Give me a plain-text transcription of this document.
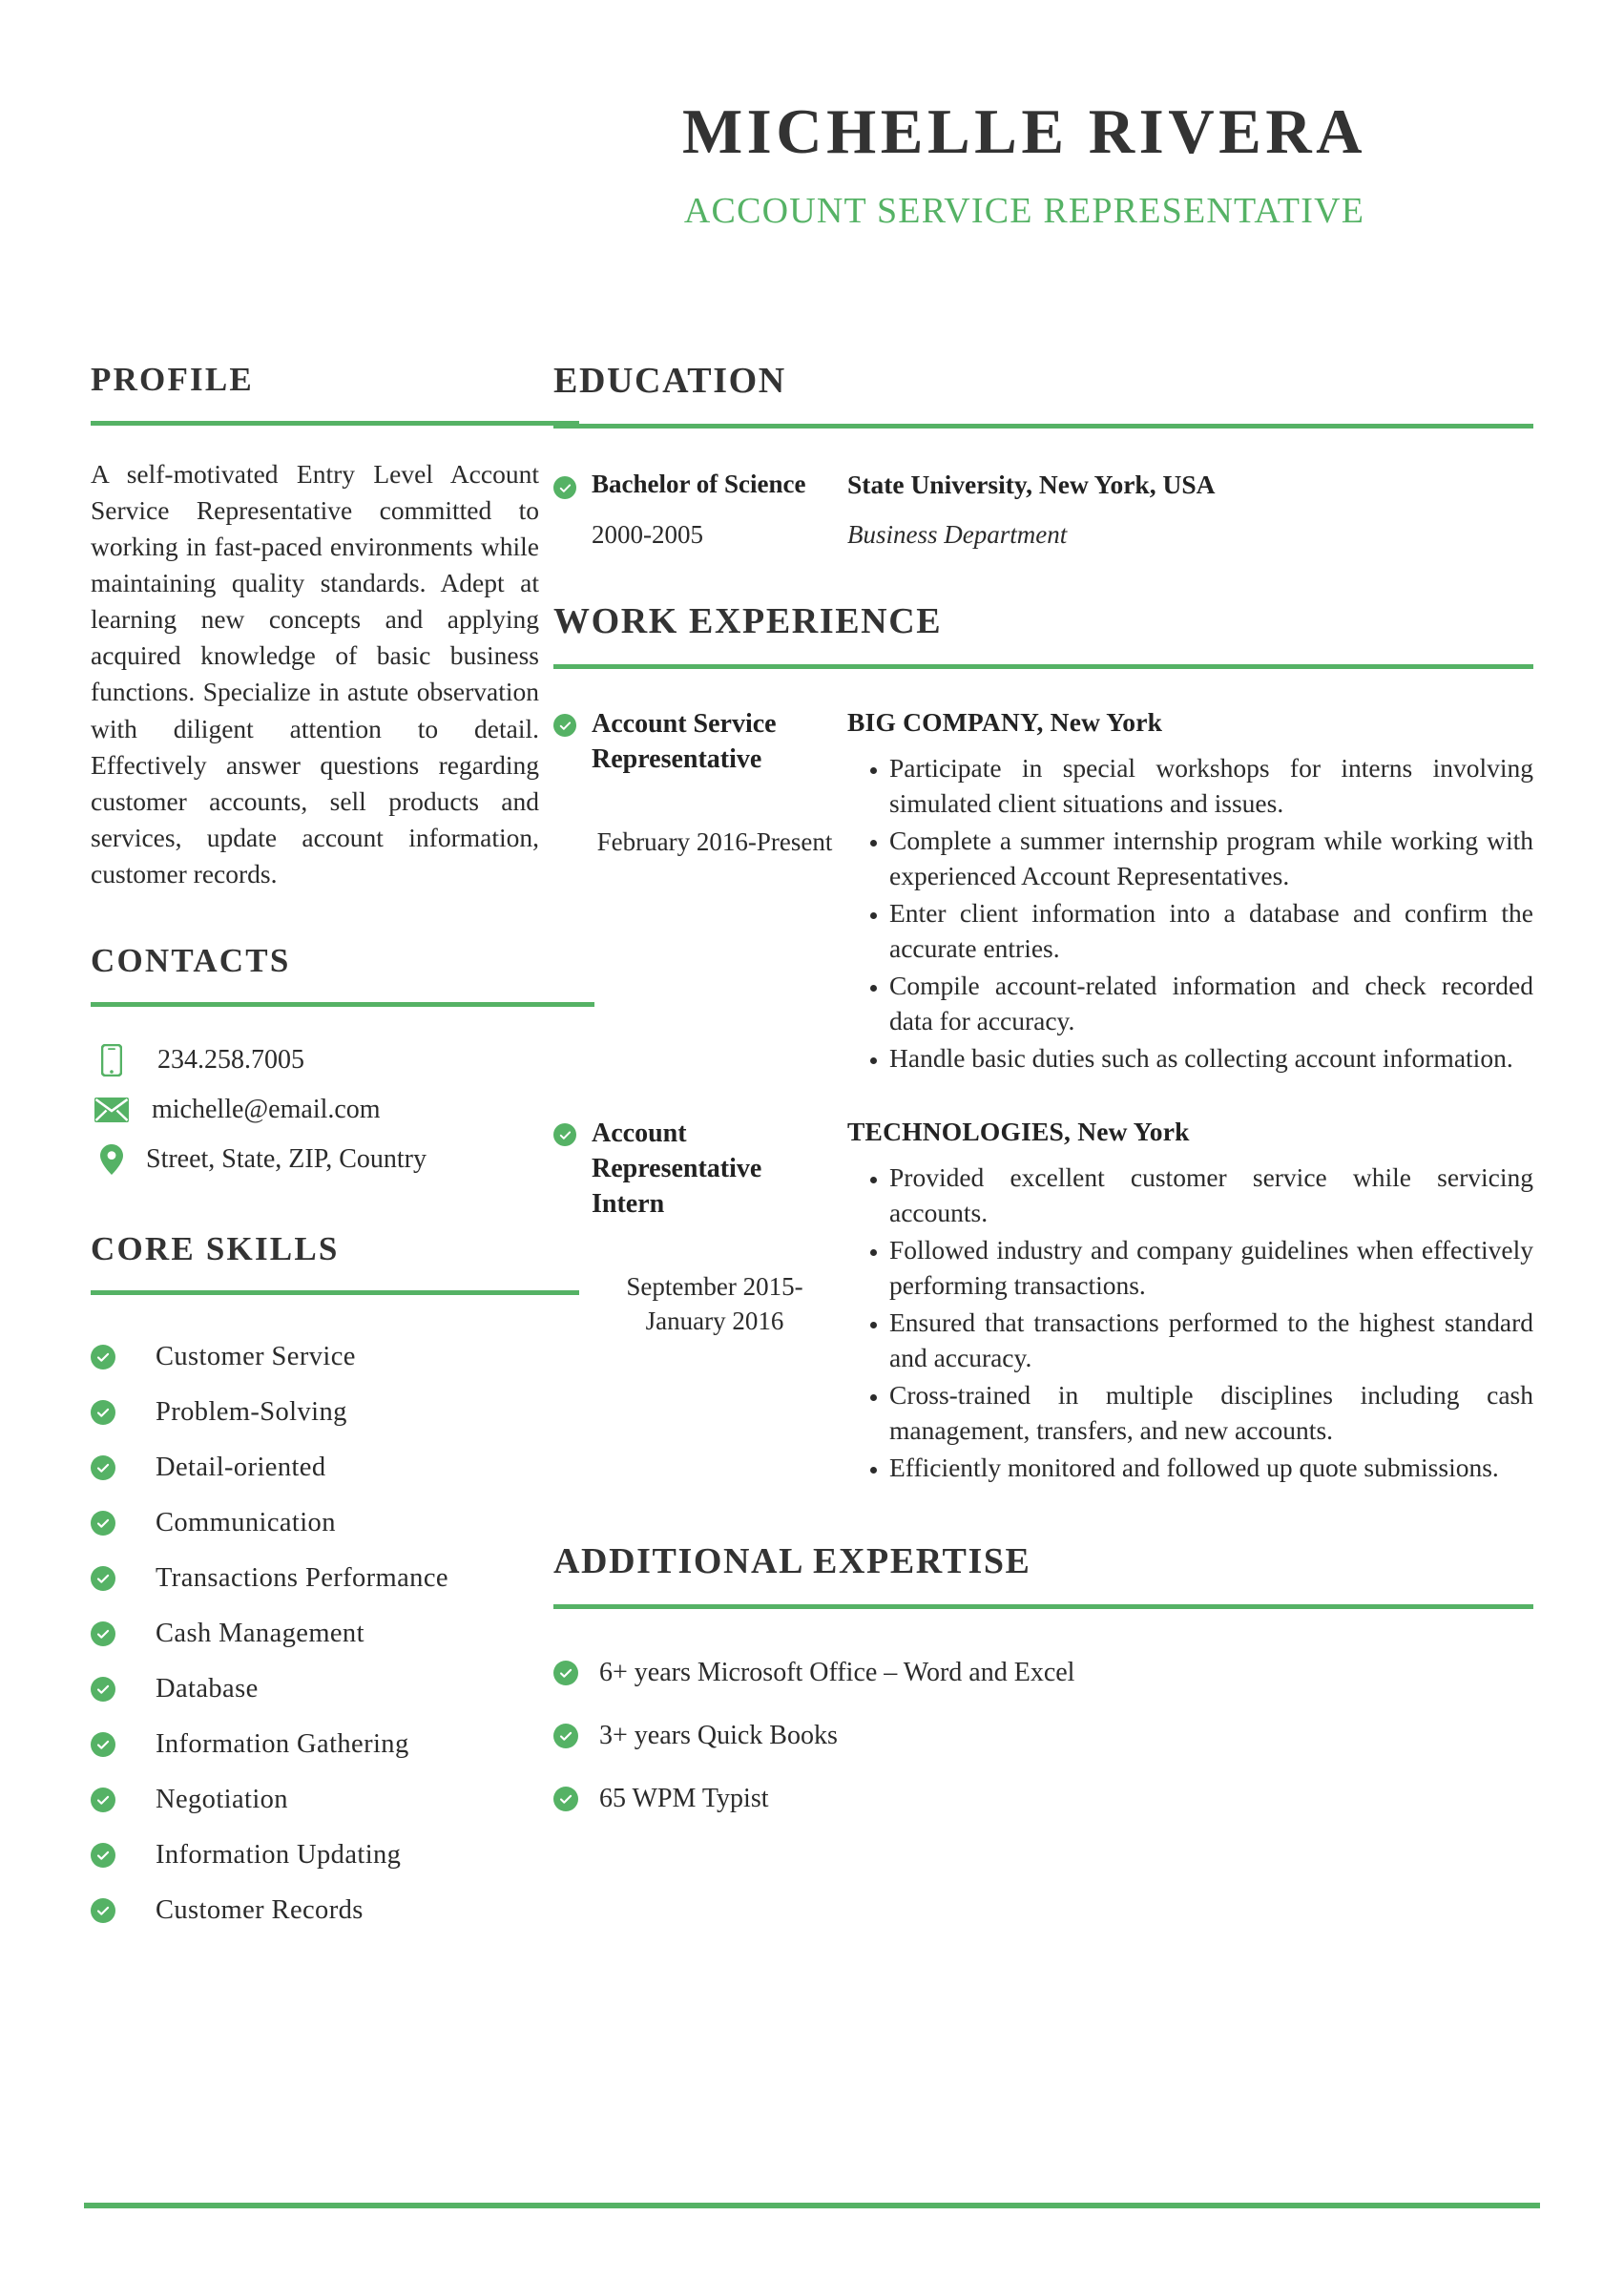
MICHELLE RIVERA
ACCOUNT SERVICE REPRESENTATIVE
PROFILE

A self-motivated Entry Level Account Service Representative committed to working in fast-paced environments while maintaining quality standards. Adept at learning new concepts and applying acquired knowledge of basic business functions. Specialize in astute observation with diligent attention to detail. Effectively answer questions regarding customer accounts, sell products and services, update account information, customer records.

CONTACTS
234.258.7005
michelle@email.com
Street, State, ZIP, Country
CORE SKILLS
Customer Service
Problem-Solving
Detail-oriented
Communication
Transactions Performance
Cash Management
Database
Information Gathering
Negotiation
Information Updating
Customer Records
EDUCATION
Bachelor of Science
2000-2005
State University, New York, USA
Business Department
WORK EXPERIENCE
Account Service Representative
February 2016-Present
BIG COMPANY, New York
• Participate in special workshops for interns involving simulated client situations and issues.
• Complete a summer internship program while working with experienced Account Representatives.
• Enter client information into a database and confirm the accurate entries.
• Compile account-related information and check recorded data for accuracy.
• Handle basic duties such as collecting account information.
Account Representative Intern
September 2015-January 2016
TECHNOLOGIES, New York
• Provided excellent customer service while servicing accounts.
• Followed industry and company guidelines when effectively performing transactions.
• Ensured that transactions performed to the highest standard and accuracy.
• Cross-trained in multiple disciplines including cash management, transfers, and new accounts.
• Efficiently monitored and followed up quote submissions.
ADDITIONAL EXPERTISE
6+ years Microsoft Office – Word and Excel
3+ years Quick Books
65 WPM Typist
